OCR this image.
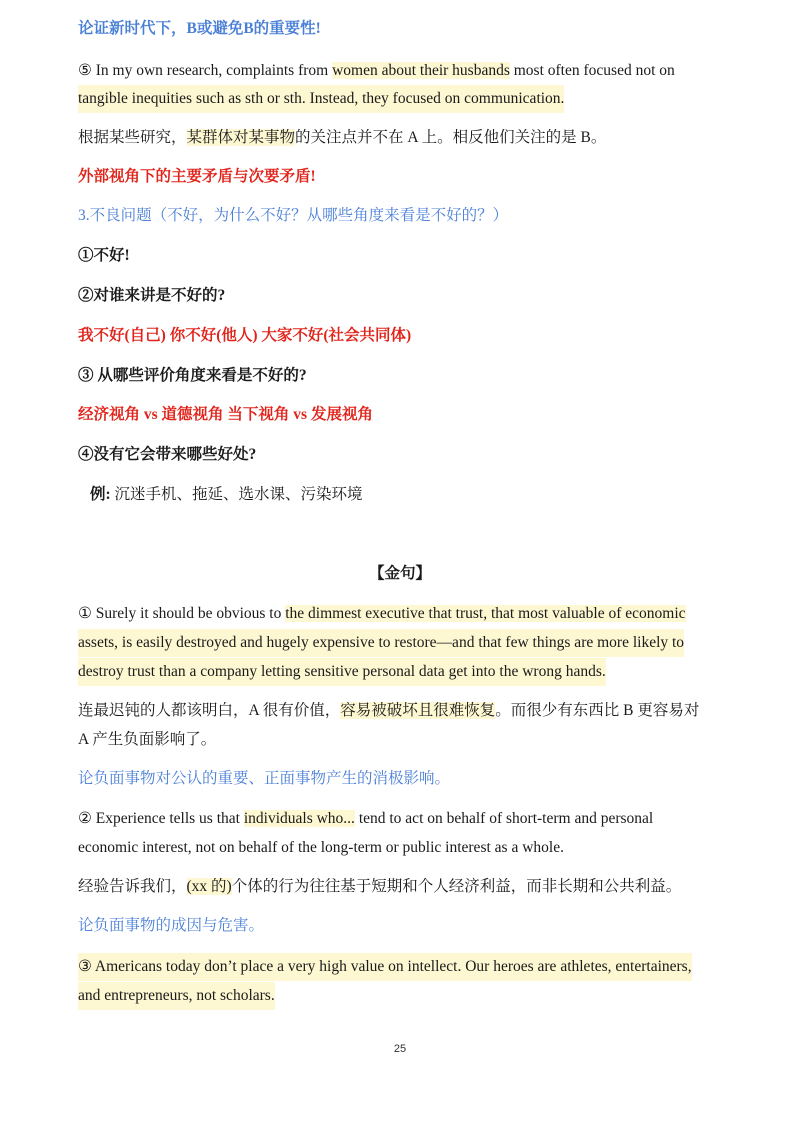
论证新时代下，B或避免B的重要性!

⑤ In my own research, complaints from women about their husbands most often focused not on

tangible inequities such as sth or sth. Instead, they focused on communication.

根据某些研究，某群体对某事物的关注点并不在 A 上。相反他们关注的是 B。

外部视角下的主要矛盾与次要矛盾!

3.不良问题（不好，为什么不好？从哪些角度来看是不好的？）

①不好!

②对谁来讲是不好的?

我不好(自己) 你不好(他人) 大家不好(社会共同体)

③ 从哪些评价角度来看是不好的?

经济视角 vs 道德视角 当下视角 vs 发展视角

④没有它会带来哪些好处?

例: 沉迷手机、拖延、选水课、污染环境

【金句】

① Surely it should be obvious to the dimmest executive that trust, that most valuable of economic

assets, is easily destroyed and hugely expensive to restore—and that few things are more likely to

destroy trust than a company letting sensitive personal data get into the wrong hands.

连最迟钝的人都该明白，A 很有价值，容易被破坏且很难恢复。而很少有东西比 B 更容易对

A 产生负面影响了。

论负面事物对公认的重要、正面事物产生的消极影响。

② Experience tells us that individuals who... tend to act on behalf of short-term and personal

economic interest, not on behalf of the long-term or public interest as a whole.

经验告诉我们，(xx 的)个体的行为往往基于短期和个人经济利益，而非长期和公共利益。

论负面事物的成因与危害。

③ Americans today don’t place a very high value on intellect. Our heroes are athletes, entertainers,

and entrepreneurs, not scholars.

25
